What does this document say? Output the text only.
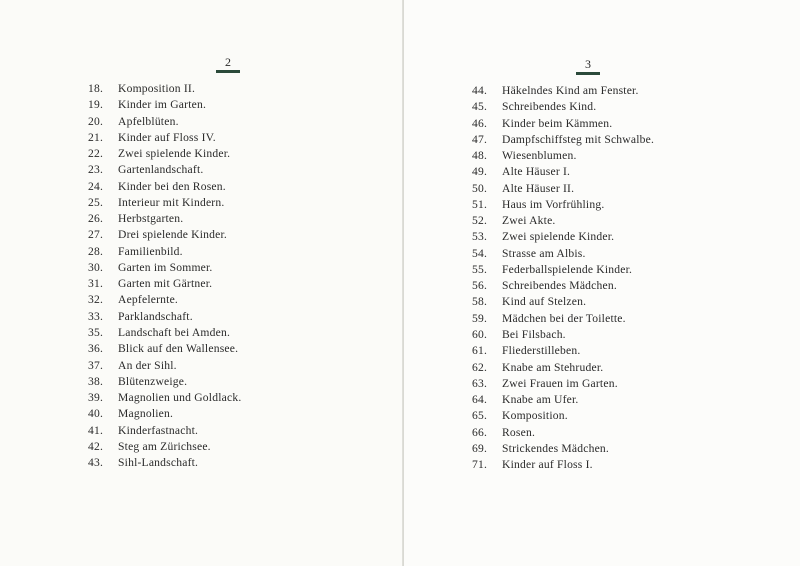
2
18.	Komposition II.
19.	Kinder im Garten.
20.	Apfelblüten.
21.	Kinder auf Floss IV.
22.	Zwei spielende Kinder.
23.	Gartenlandschaft.
24.	Kinder bei den Rosen.
25.	Interieur mit Kindern.
26.	Herbstgarten.
27.	Drei spielende Kinder.
28.	Familienbild.
30.	Garten im Sommer.
31.	Garten mit Gärtner.
32.	Aepfelernte.
33.	Parklandschaft.
35.	Landschaft bei Amden.
36.	Blick auf den Wallensee.
37.	An der Sihl.
38.	Blütenzweige.
39.	Magnolien und Goldlack.
40.	Magnolien.
41.	Kinderfastnacht.
42.	Steg am Zürichsee.
43.	Sihl-Landschaft.
3
44.	Häkelndes Kind am Fenster.
45.	Schreibendes Kind.
46.	Kinder beim Kämmen.
47.	Dampfschiffsteg mit Schwalbe.
48.	Wiesenblumen.
49.	Alte Häuser I.
50.	Alte Häuser II.
51.	Haus im Vorfrühling.
52.	Zwei Akte.
53.	Zwei spielende Kinder.
54.	Strasse am Albis.
55.	Federballspielende Kinder.
56.	Schreibendes Mädchen.
58.	Kind auf Stelzen.
59.	Mädchen bei der Toilette.
60.	Bei Filsbach.
61.	Fliederstilleben.
62.	Knabe am Stehruder.
63.	Zwei Frauen im Garten.
64.	Knabe am Ufer.
65.	Komposition.
66.	Rosen.
69.	Strickendes Mädchen.
71.	Kinder auf Floss I.
